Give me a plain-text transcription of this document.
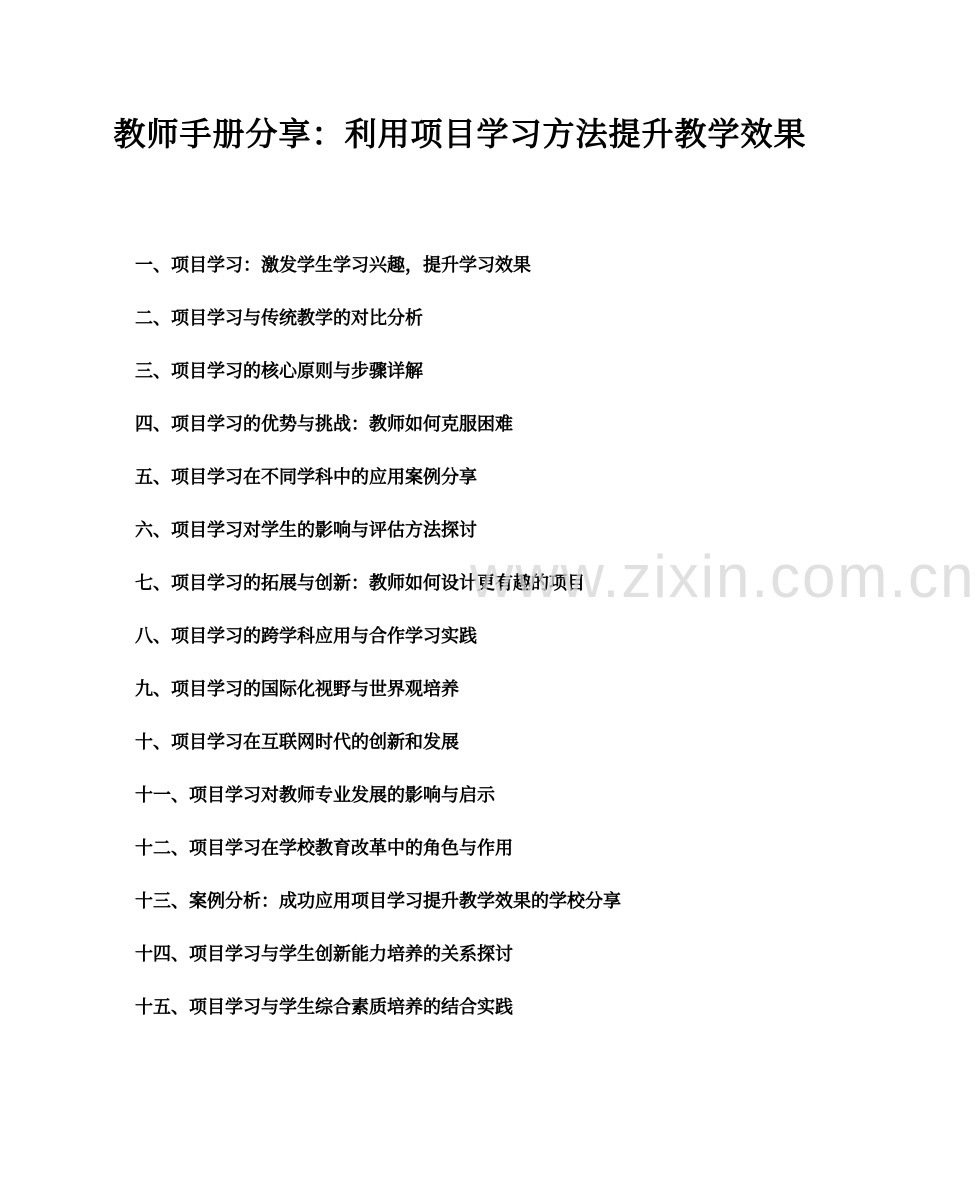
教师手册分享：利用项目学习方法提升教学效果
一、项目学习：激发学生学习兴趣，提升学习效果
二、项目学习与传统教学的对比分析
三、项目学习的核心原则与步骤详解
四、项目学习的优势与挑战：教师如何克服困难
五、项目学习在不同学科中的应用案例分享
六、项目学习对学生的影响与评估方法探讨
七、项目学习的拓展与创新：教师如何设计更有趣的项目
八、项目学习的跨学科应用与合作学习实践
九、项目学习的国际化视野与世界观培养
十、项目学习在互联网时代的创新和发展
十一、项目学习对教师专业发展的影响与启示
十二、项目学习在学校教育改革中的角色与作用
十三、案例分析：成功应用项目学习提升教学效果的学校分享
十四、项目学习与学生创新能力培养的关系探讨
十五、项目学习与学生综合素质培养的结合实践
www.zixin.com.cn
